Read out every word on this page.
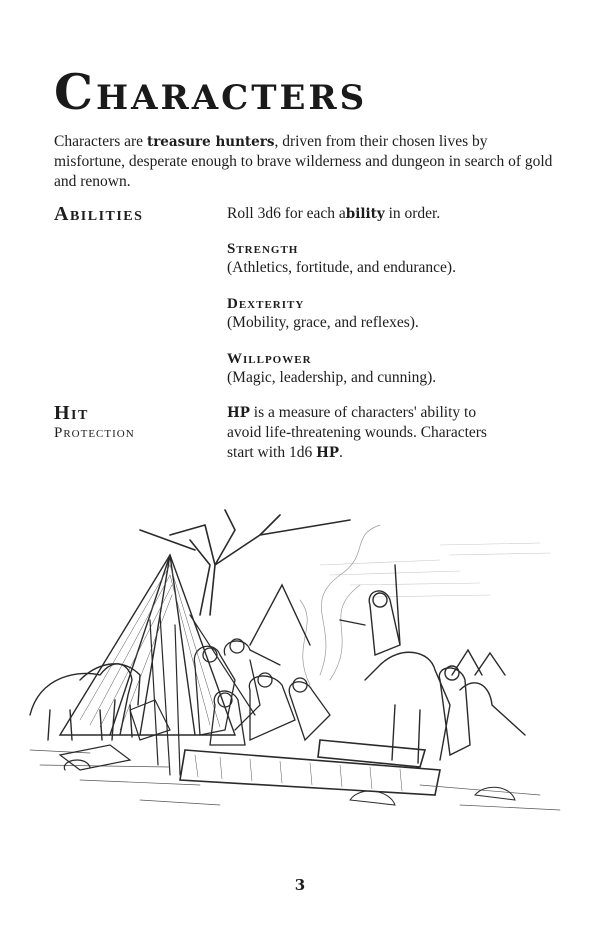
Characters

Characters are treasure hunters, driven from their chosen lives by misfortune, desperate enough to brave wilderness and dungeon in search of gold and renown.

Abilities	Roll 3d6 for each ability in order.
Strength
(Athletics, fortitude, and endurance).
Dexterity
(Mobility, grace, and reflexes).
Willpower
(Magic, leadership, and cunning).
Hit
Protection
HP is a measure of characters' ability to avoid life-threatening wounds. Characters start with 1d6 HP.
3
